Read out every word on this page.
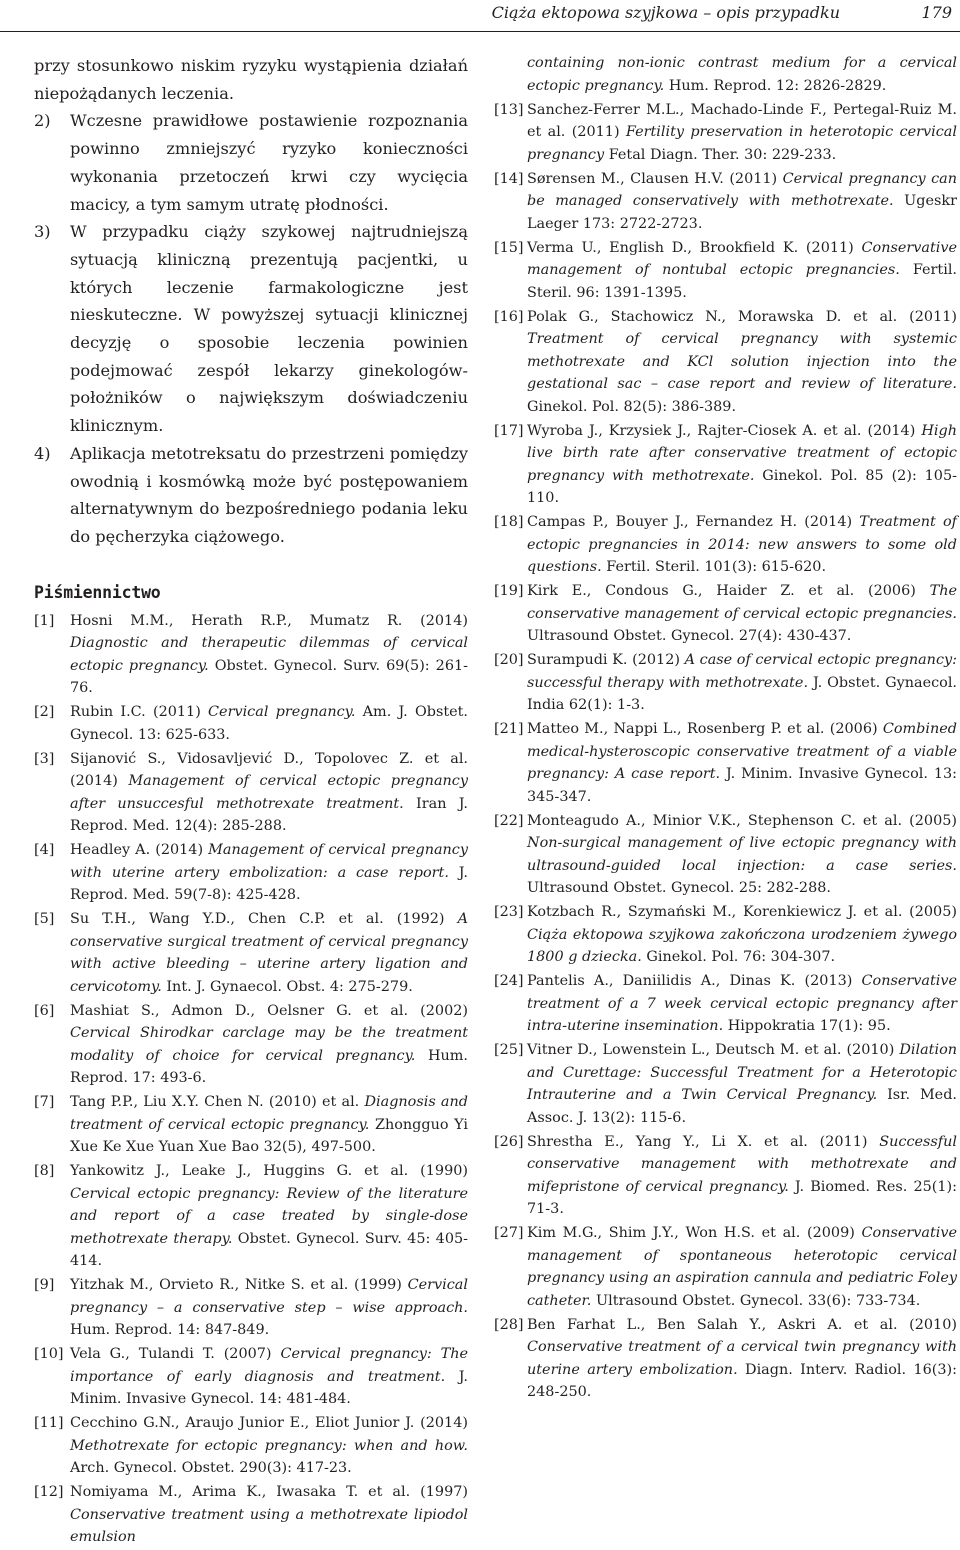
Ciąża ektopowa szyjkowa – opis przypadku	179

przy stosunkowo niskim ryzyku wystąpienia działań niepożądanych leczenia.

2) Wczesne prawidłowe postawienie rozpoznania powinno zmniejszyć ryzyko konieczności wykonania przetoczeń krwi czy wycięcia macicy, a tym samym utratę płodności.
3) W przypadku ciąży szykowej najtrudniejszą sytuacją kliniczną prezentują pacjentki, u których leczenie farmakologiczne jest nieskuteczne. W powyższej sytuacji klinicznej decyzję o sposobie leczenia powinien podejmować zespół lekarzy ginekologów-położników o największym doświadczeniu klinicznym.
4) Aplikacja metotreksatu do przestrzeni pomiędzy owodnią i kosmówką może być postępowaniem alternatywnym do bezpośredniego podania leku do pęcherzyka ciążowego.
Piśmiennictwo
[1] Hosni M.M., Herath R.P., Mumatz R. (2014) Diagnostic and therapeutic dilemmas of cervical ectopic pregnancy. Obstet. Gynecol. Surv. 69(5): 261-76.
[2] Rubin I.C. (2011) Cervical pregnancy. Am. J. Obstet. Gynecol. 13: 625-633.
[3] Sijanović S., Vidosavljević D., Topolovec Z. et al. (2014) Management of cervical ectopic pregnancy after unsuccesful methotrexate treatment. Iran J. Reprod. Med. 12(4): 285-288.
[4] Headley A. (2014) Management of cervical pregnancy with uterine artery embolization: a case report. J. Reprod. Med. 59(7-8): 425-428.
[5] Su T.H., Wang Y.D., Chen C.P. et al. (1992) A conservative surgical treatment of cervical pregnancy with active bleeding – uterine artery ligation and cervicotomy. Int. J. Gynaecol. Obst. 4: 275-279.
[6] Mashiat S., Admon D., Oelsner G. et al. (2002) Cervical Shirodkar carclage may be the treatment modality of choice for cervical pregnancy. Hum. Reprod. 17: 493-6.
[7] Tang P.P., Liu X.Y. Chen N. (2010) et al. Diagnosis and treatment of cervical ectopic pregnancy. Zhongguo Yi Xue Ke Xue Yuan Xue Bao 32(5), 497-500.
[8] Yankowitz J., Leake J., Huggins G. et al. (1990) Cervical ectopic pregnancy: Review of the literature and report of a case treated by single-dose methotrexate therapy. Obstet. Gynecol. Surv. 45: 405-414.
[9] Yitzhak M., Orvieto R., Nitke S. et al. (1999) Cervical pregnancy – a conservative step – wise approach. Hum. Reprod. 14: 847-849.
[10] Vela G., Tulandi T. (2007) Cervical pregnancy: The importance of early diagnosis and treatment. J. Minim. Invasive Gynecol. 14: 481-484.
[11] Cecchino G.N., Araujo Junior E., Eliot Junior J. (2014) Methotrexate for ectopic pregnancy: when and how. Arch. Gynecol. Obstet. 290(3): 417-23.
[12] Nomiyama M., Arima K., Iwasaka T. et al. (1997) Conservative treatment using a methotrexate lipiodol emulsion
containing non-ionic contrast medium for a cervical ectopic pregnancy. Hum. Reprod. 12: 2826-2829.
[13] Sanchez-Ferrer M.L., Machado-Linde F., Pertegal-Ruiz M. et al. (2011) Fertility preservation in heterotopic cervical pregnancy Fetal Diagn. Ther. 30: 229-233.
[14] Sørensen M., Clausen H.V. (2011) Cervical pregnancy can be managed conservatively with methotrexate. Ugeskr Laeger 173: 2722-2723.
[15] Verma U., English D., Brookfield K. (2011) Conservative management of nontubal ectopic pregnancies. Fertil. Steril. 96: 1391-1395.
[16] Polak G., Stachowicz N., Morawska D. et al. (2011) Treatment of cervical pregnancy with systemic methotrexate and KCl solution injection into the gestational sac – case report and review of literature. Ginekol. Pol. 82(5): 386-389.
[17] Wyroba J., Krzysiek J., Rajter-Ciosek A. et al. (2014) High live birth rate after conservative treatment of ectopic pregnancy with methotrexate. Ginekol. Pol. 85 (2): 105-110.
[18] Campas P., Bouyer J., Fernandez H. (2014) Treatment of ectopic pregnancies in 2014: new answers to some old questions. Fertil. Steril. 101(3): 615-620.
[19] Kirk E., Condous G., Haider Z. et al. (2006) The conservative management of cervical ectopic pregnancies. Ultrasound Obstet. Gynecol. 27(4): 430-437.
[20] Surampudi K. (2012) A case of cervical ectopic pregnancy: successful therapy with methotrexate. J. Obstet. Gynaecol. India 62(1): 1-3.
[21] Matteo M., Nappi L., Rosenberg P. et al. (2006) Combined medical-hysteroscopic conservative treatment of a viable pregnancy: A case report. J. Minim. Invasive Gynecol. 13: 345-347.
[22] Monteagudo A., Minior V.K., Stephenson C. et al. (2005) Non-surgical management of live ectopic pregnancy with ultrasound-guided local injection: a case series. Ultrasound Obstet. Gynecol. 25: 282-288.
[23] Kotzbach R., Szymański M., Korenkiewicz J. et al. (2005) Ciąża ektopowa szyjkowa zakończona urodzeniem żywego 1800 g dziecka. Ginekol. Pol. 76: 304-307.
[24] Pantelis A., Daniilidis A., Dinas K. (2013) Conservative treatment of a 7 week cervical ectopic pregnancy after intra-uterine insemination. Hippokratia 17(1): 95.
[25] Vitner D., Lowenstein L., Deutsch M. et al. (2010) Dilation and Curettage: Successful Treatment for a Heterotopic Intrauterine and a Twin Cervical Pregnancy. Isr. Med. Assoc. J. 13(2): 115-6.
[26] Shrestha E., Yang Y., Li X. et al. (2011) Successful conservative management with methotrexate and mifepristone of cervical pregnancy. J. Biomed. Res. 25(1): 71-3.
[27] Kim M.G., Shim J.Y., Won H.S. et al. (2009) Conservative management of spontaneous heterotopic cervical pregnancy using an aspiration cannula and pediatric Foley catheter. Ultrasound Obstet. Gynecol. 33(6): 733-734.
[28] Ben Farhat L., Ben Salah Y., Askri A. et al. (2010) Conservative treatment of a cervical twin pregnancy with uterine artery embolization. Diagn. Interv. Radiol. 16(3): 248-250.
